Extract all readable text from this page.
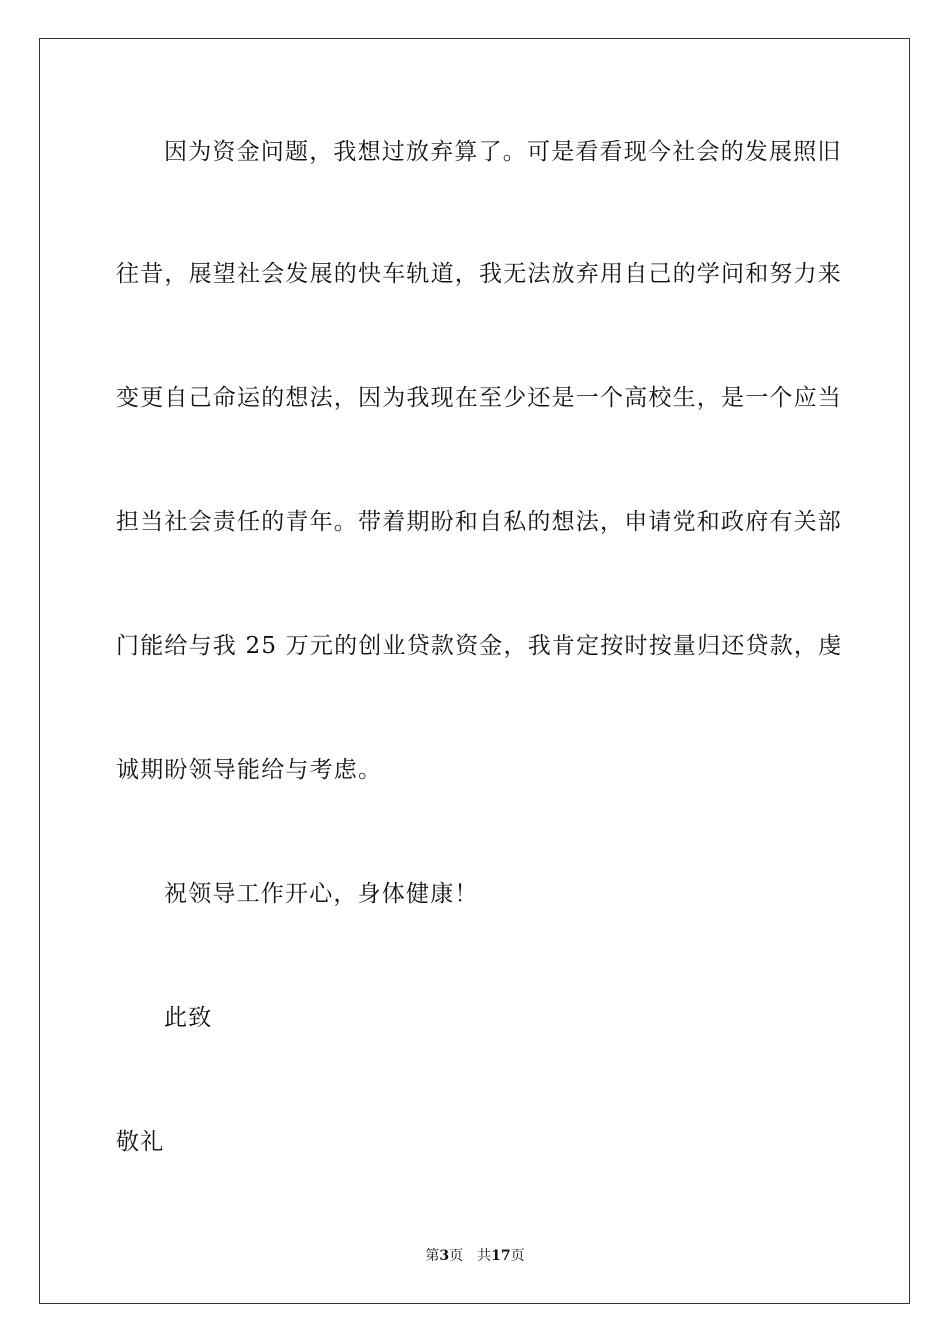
因为资金问题，我想过放弃算了。可是看看现今社会的发展照旧
往昔，展望社会发展的快车轨道，我无法放弃用自己的学问和努力来
变更自己命运的想法，因为我现在至少还是一个高校生，是一个应当
担当社会责任的青年。带着期盼和自私的想法，申请党和政府有关部
门能给与我 25 万元的创业贷款资金，我肯定按时按量归还贷款，虔
诚期盼领导能给与考虑。
祝领导工作开心，身体健康！
此致
敬礼
第3页 共17页
